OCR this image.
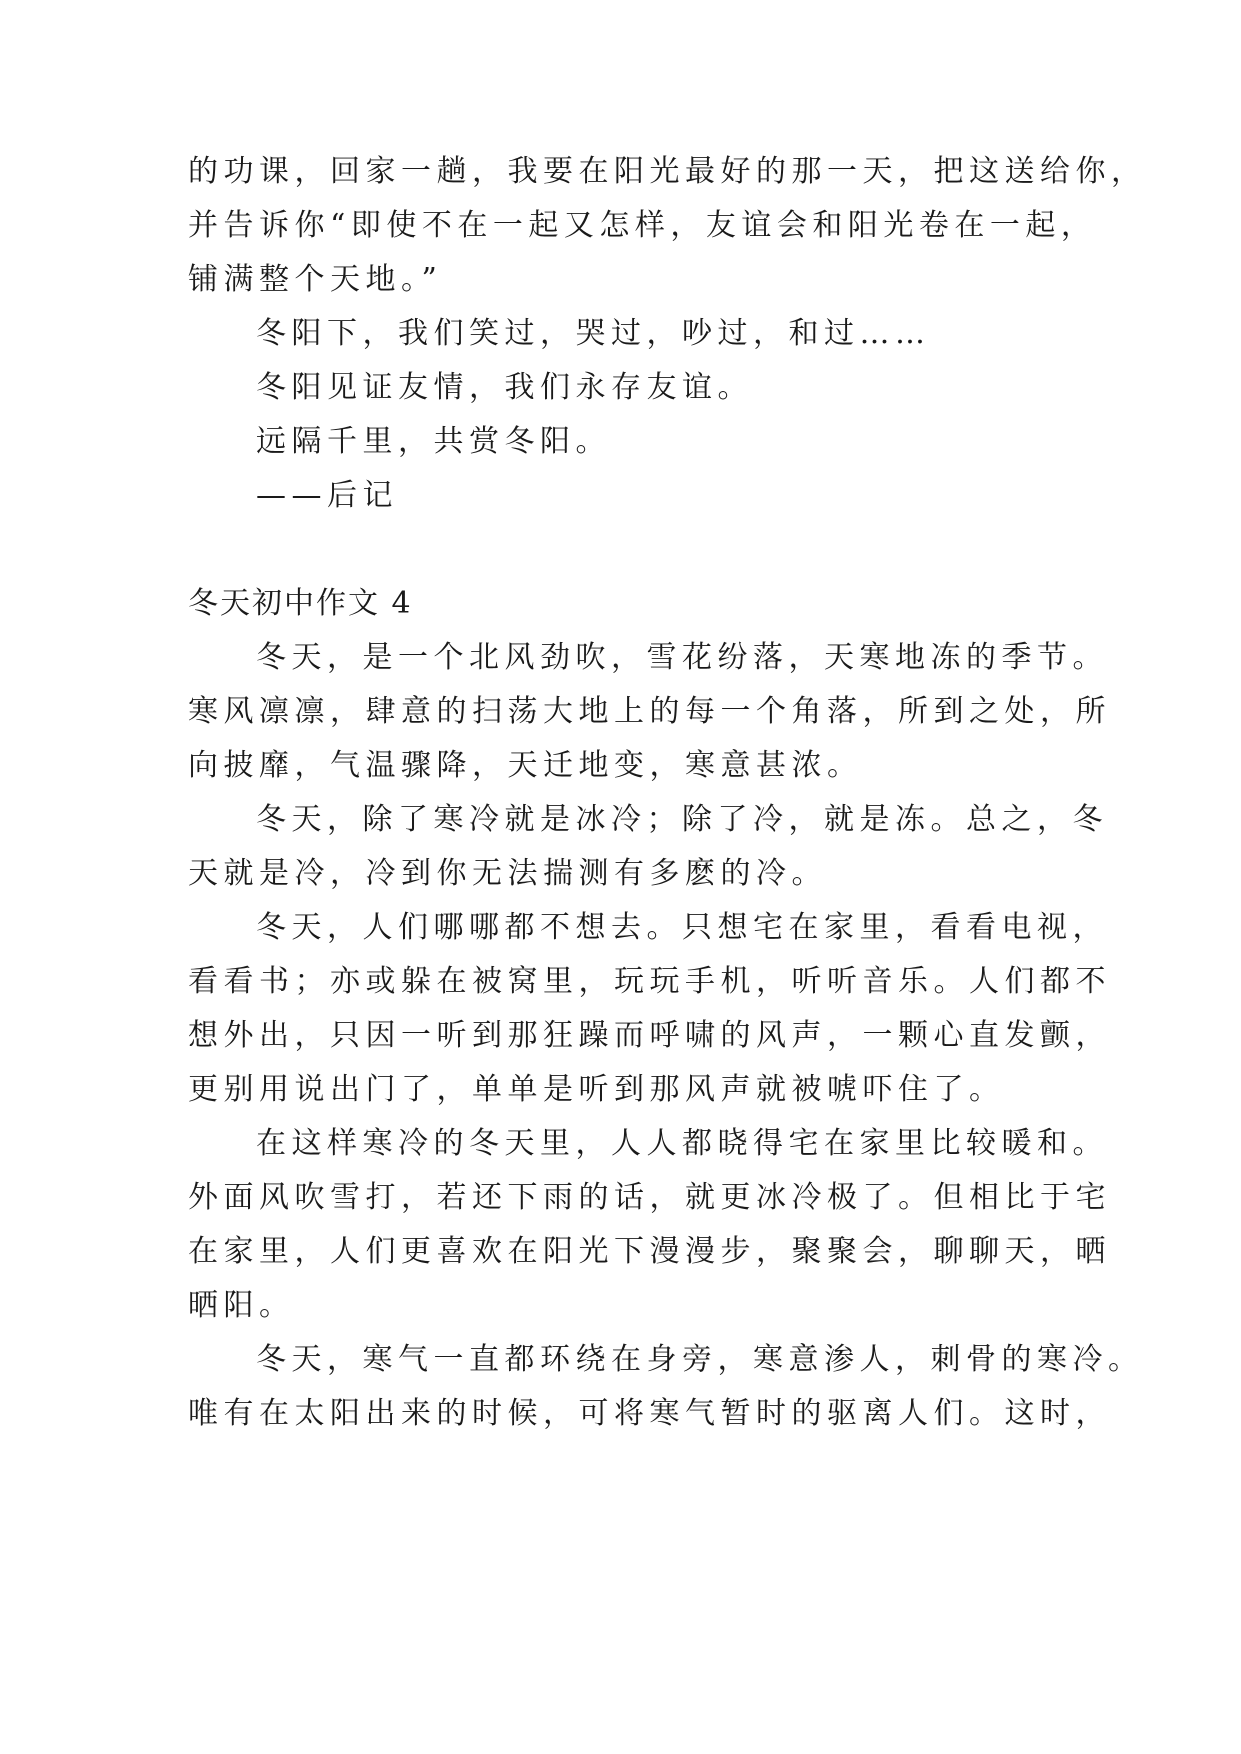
的功课，回家一趟，我要在阳光最好的那一天，把这送给你，
并告诉你“即使不在一起又怎样，友谊会和阳光卷在一起，
铺满整个天地。”
冬阳下，我们笑过，哭过，吵过，和过……
冬阳见证友情，我们永存友谊。
远隔千里，共赏冬阳。
——后记
冬天初中作文 4
冬天，是一个北风劲吹，雪花纷落，天寒地冻的季节。
寒风凛凛，肆意的扫荡大地上的每一个角落，所到之处，所
向披靡，气温骤降，天迁地变，寒意甚浓。
冬天，除了寒冷就是冰冷；除了冷，就是冻。总之，冬
天就是冷，冷到你无法揣测有多麽的冷。
冬天，人们哪哪都不想去。只想宅在家里，看看电视，
看看书；亦或躲在被窝里，玩玩手机，听听音乐。人们都不
想外出，只因一听到那狂躁而呼啸的风声，一颗心直发颤，
更别用说出门了，单单是听到那风声就被唬吓住了。
在这样寒冷的冬天里，人人都晓得宅在家里比较暖和。
外面风吹雪打，若还下雨的话，就更冰冷极了。但相比于宅
在家里，人们更喜欢在阳光下漫漫步，聚聚会，聊聊天，晒
晒阳。
冬天，寒气一直都环绕在身旁，寒意渗人，刺骨的寒冷。
唯有在太阳出来的时候，可将寒气暂时的驱离人们。这时，
